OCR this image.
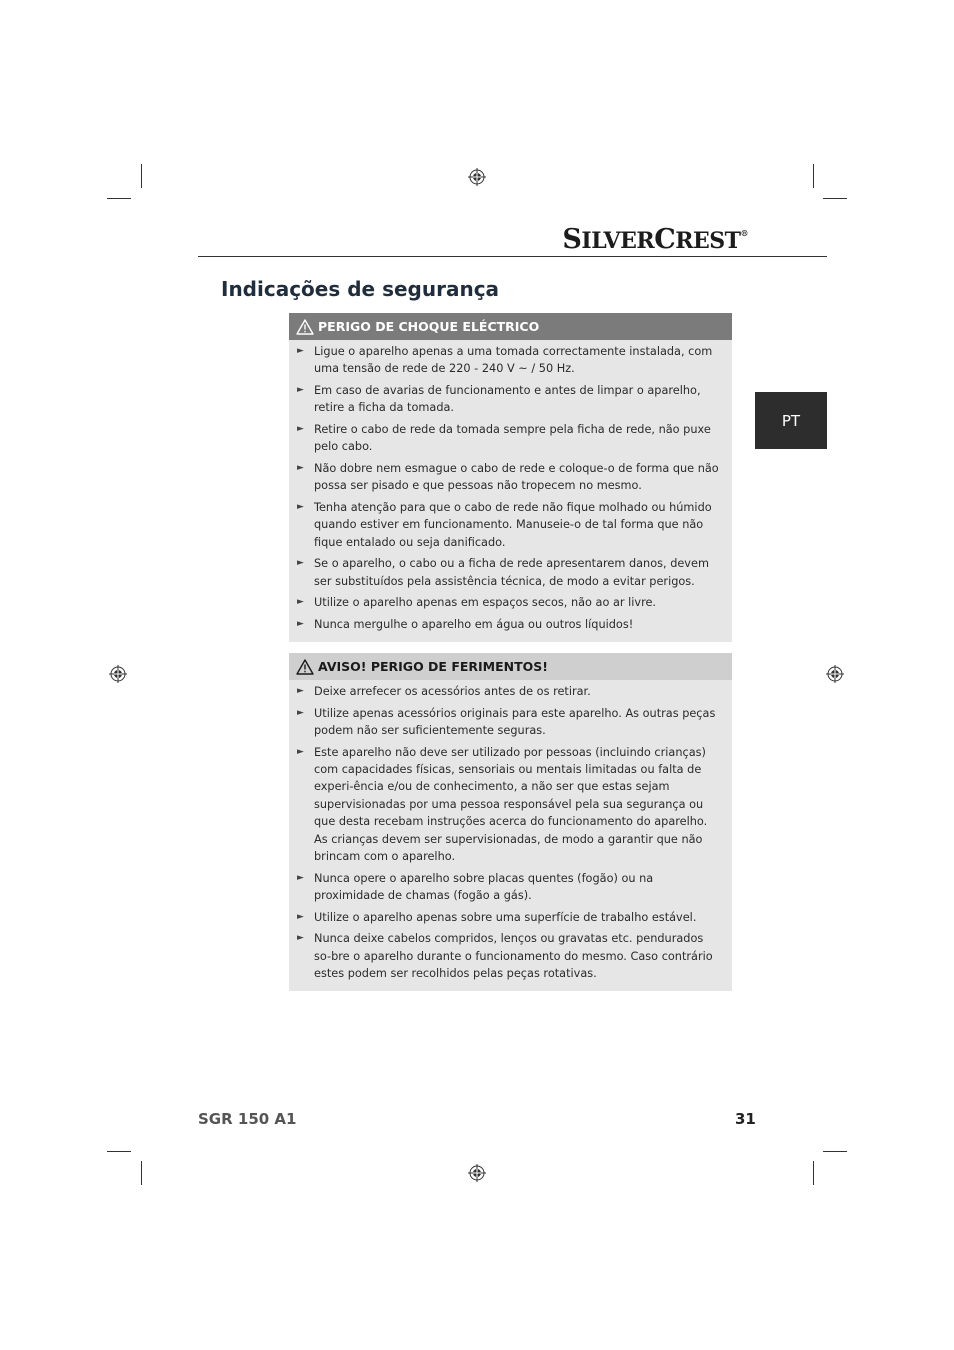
SILVERCREST®
Indicações de segurança
PT
PERIGO DE CHOQUE ELÉCTRICO
► Ligue o aparelho apenas a uma tomada correctamente instalada, com uma tensão de rede de 220 - 240 V ~ / 50 Hz.
► Em caso de avarias de funcionamento e antes de limpar o aparelho, retire a ficha da tomada.
► Retire o cabo de rede da tomada sempre pela ficha de rede, não puxe pelo cabo.
► Não dobre nem esmague o cabo de rede e coloque-o de forma que não possa ser pisado e que pessoas não tropecem no mesmo.
► Tenha atenção para que o cabo de rede não fique molhado ou húmido quando estiver em funcionamento. Manuseie-o de tal forma que não fique entalado ou seja danificado.
► Se o aparelho, o cabo ou a ficha de rede apresentarem danos, devem ser substituídos pela assistência técnica, de modo a evitar perigos.
► Utilize o aparelho apenas em espaços secos, não ao ar livre.
► Nunca mergulhe o aparelho em água ou outros líquidos!
AVISO! PERIGO DE FERIMENTOS!
► Deixe arrefecer os acessórios antes de os retirar.
► Utilize apenas acessórios originais para este aparelho. As outras peças podem não ser suficientemente seguras.
► Este aparelho não deve ser utilizado por pessoas (incluindo crianças) com capacidades físicas, sensoriais ou mentais limitadas ou falta de experi-ência e/ou de conhecimento, a não ser que estas sejam supervisionadas por uma pessoa responsável pela sua segurança ou que desta recebam instruções acerca do funcionamento do aparelho. As crianças devem ser supervisionadas, de modo a garantir que não brincam com o aparelho.
► Nunca opere o aparelho sobre placas quentes (fogão) ou na proximidade de chamas (fogão a gás).
► Utilize o aparelho apenas sobre uma superfície de trabalho estável.
► Nunca deixe cabelos compridos, lenços ou gravatas etc. pendurados so-bre o aparelho durante o funcionamento do mesmo. Caso contrário estes podem ser recolhidos pelas peças rotativas.
SGR 150 A1	31
